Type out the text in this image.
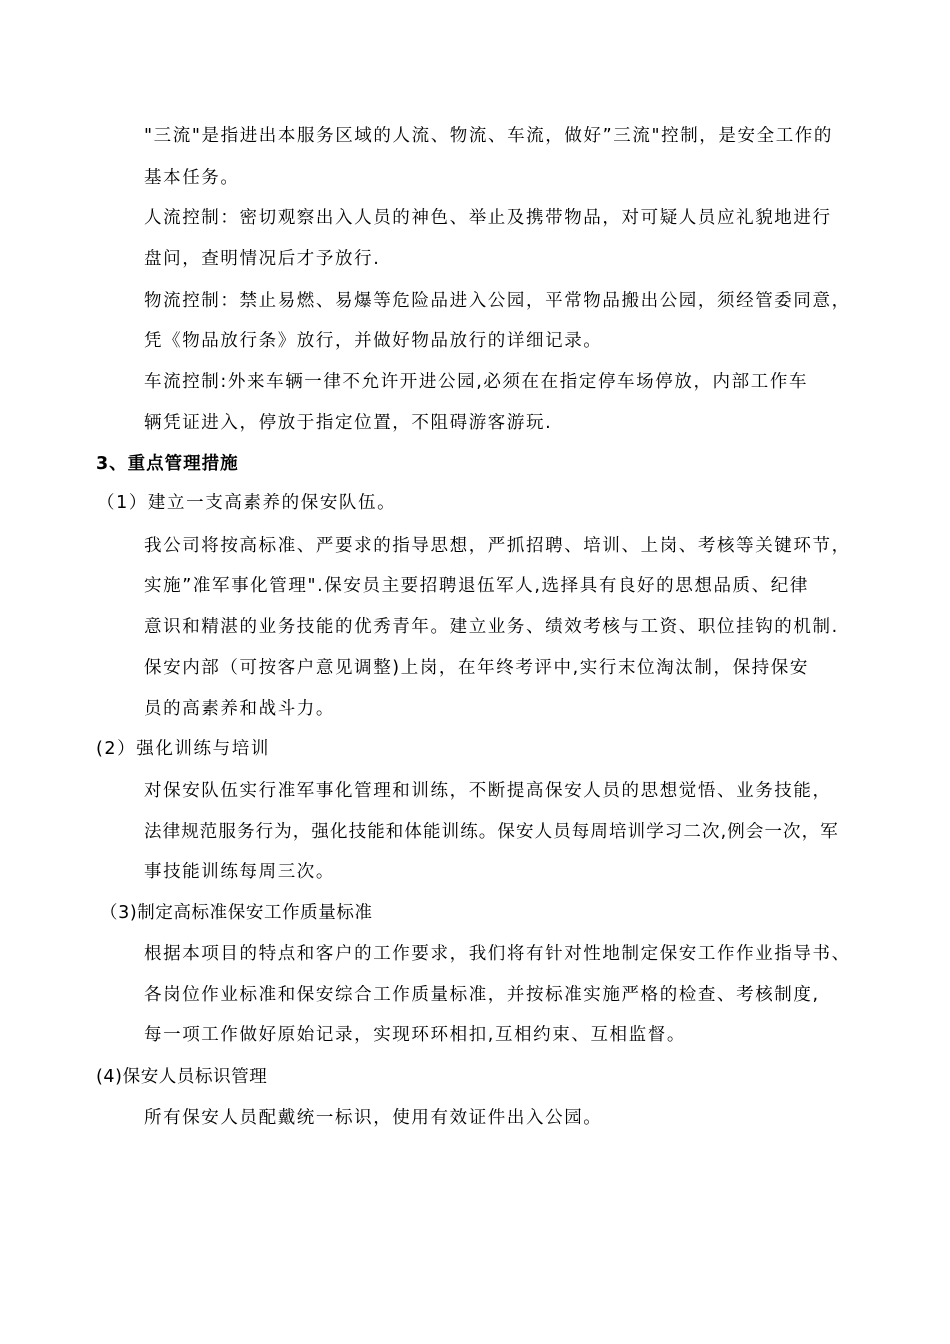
"三流"是指进出本服务区域的人流、物流、车流，做好”三流"控制，是安全工作的
基本任务。
人流控制：密切观察出入人员的神色、举止及携带物品，对可疑人员应礼貌地进行
盘问，查明情况后才予放行.
物流控制：禁止易燃、易爆等危险品进入公园，平常物品搬出公园，须经管委同意，
凭《物品放行条》放行，并做好物品放行的详细记录。
车流控制:外来车辆一律不允许开进公园,必须在在指定停车场停放，内部工作车
辆凭证进入，停放于指定位置，不阻碍游客游玩.
3、重点管理措施
（1）建立一支高素养的保安队伍。
我公司将按高标准、严要求的指导思想，严抓招聘、培训、上岗、考核等关键环节，
实施”准军事化管理".保安员主要招聘退伍军人,选择具有良好的思想品质、纪律
意识和精湛的业务技能的优秀青年。建立业务、绩效考核与工资、职位挂钩的机制.
保安内部（可按客户意见调整)上岗，在年终考评中,实行末位淘汰制，保持保安
员的高素养和战斗力。
(2）强化训练与培训
对保安队伍实行准军事化管理和训练，不断提高保安人员的思想觉悟、业务技能，
法律规范服务行为，强化技能和体能训练。保安人员每周培训学习二次,例会一次，军
事技能训练每周三次。
（3)制定高标准保安工作质量标准
根据本项目的特点和客户的工作要求，我们将有针对性地制定保安工作作业指导书、
各岗位作业标准和保安综合工作质量标准，并按标准实施严格的检查、考核制度,
每一项工作做好原始记录，实现环环相扣,互相约束、互相监督。
(4)保安人员标识管理
所有保安人员配戴统一标识，使用有效证件出入公园。
